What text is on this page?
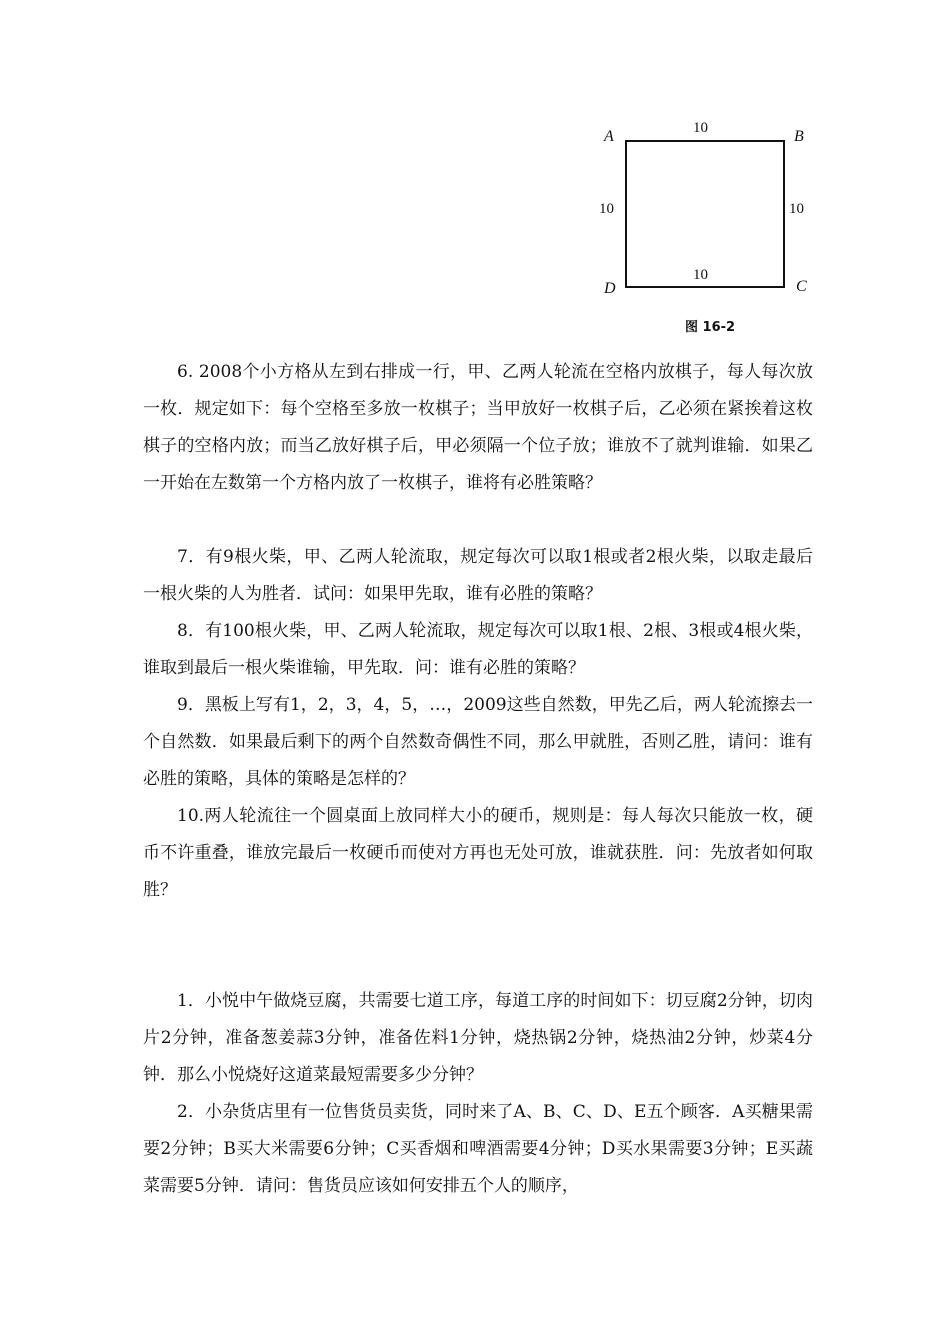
A	B
C
D
10
10	10
10
图 16-2
6. 2008个小方格从左到右排成一行，甲、乙两人轮流在空格内放棋子，每人每次放一枚．规定如下：每个空格至多放一枚棋子；当甲放好一枚棋子后，乙必须在紧挨着这枚棋子的空格内放；而当乙放好棋子后，甲必须隔一个位子放；谁放不了就判谁输．如果乙一开始在左数第一个方格内放了一枚棋子，谁将有必胜策略？
7．有9根火柴，甲、乙两人轮流取，规定每次可以取1根或者2根火柴，以取走最后一根火柴的人为胜者．试问：如果甲先取，谁有必胜的策略？
8．有100根火柴，甲、乙两人轮流取，规定每次可以取1根、2根、3根或4根火柴，谁取到最后一根火柴谁输，甲先取．问：谁有必胜的策略？
9．黑板上写有1，2，3，4，5，…，2009这些自然数，甲先乙后，两人轮流擦去一个自然数．如果最后剩下的两个自然数奇偶性不同，那么甲就胜，否则乙胜，请问：谁有必胜的策略，具体的策略是怎样的？
10.两人轮流往一个圆桌面上放同样大小的硬币，规则是：每人每次只能放一枚，硬币不许重叠，谁放完最后一枚硬币而使对方再也无处可放，谁就获胜．问：先放者如何取胜？
1．小悦中午做烧豆腐，共需要七道工序，每道工序的时间如下：切豆腐2分钟，切肉片2分钟，准备葱姜蒜3分钟，准备佐料1分钟，烧热锅2分钟，烧热油2分钟，炒菜4分钟．那么小悦烧好这道菜最短需要多少分钟？
2．小杂货店里有一位售货员卖货，同时来了A、B、C、D、E五个顾客．A买糖果需要2分钟；B买大米需要6分钟；C买香烟和啤酒需要4分钟；D买水果需要3分钟；E买蔬菜需要5分钟．请问：售货员应该如何安排五个人的顺序，
